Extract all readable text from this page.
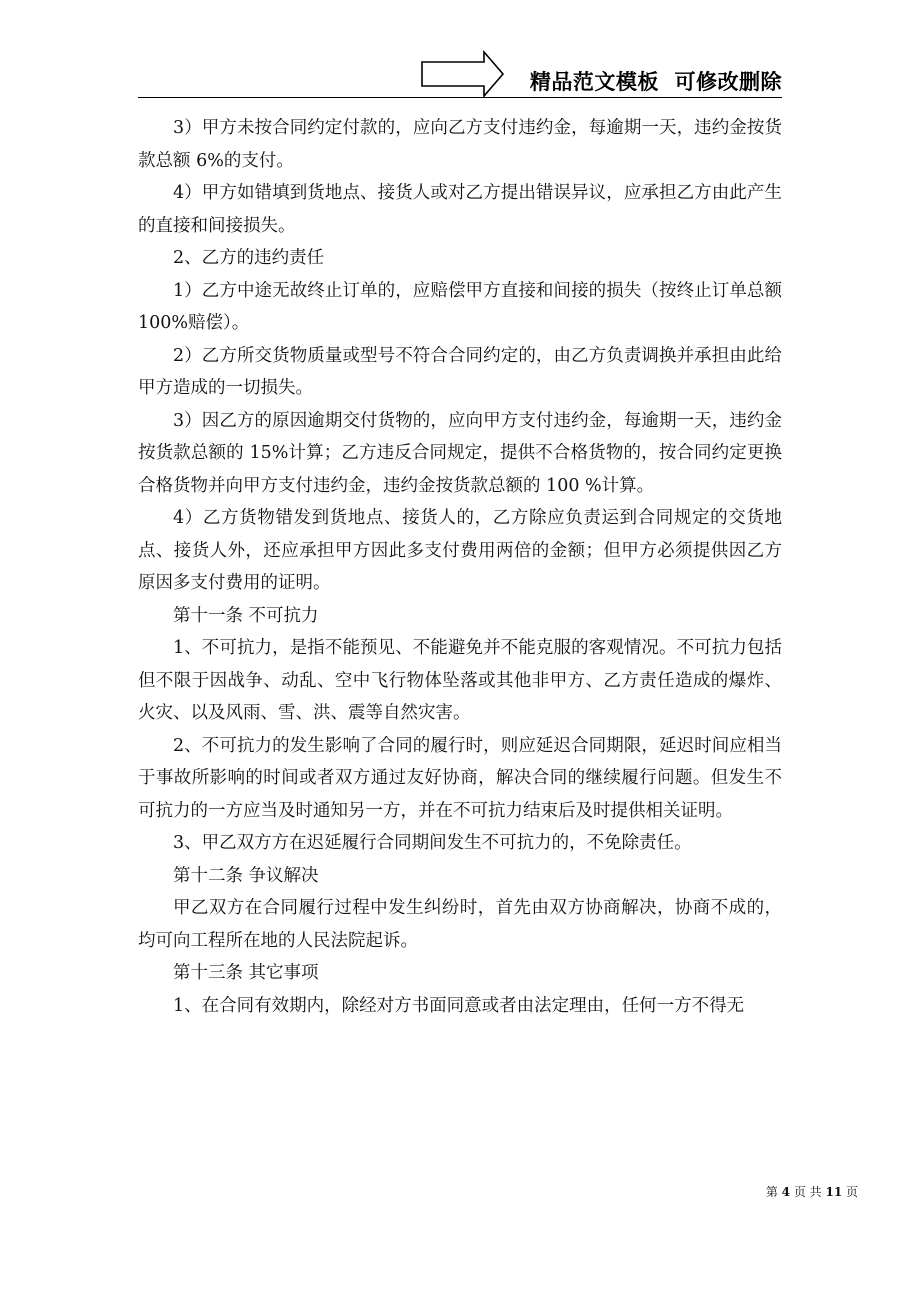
精品范文模板  可修改删除

3）甲方未按合同约定付款的，应向乙方支付违约金，每逾期一天，违约金按货款总额 6%的支付。

4）甲方如错填到货地点、接货人或对乙方提出错误异议，应承担乙方由此产生的直接和间接损失。

2、乙方的违约责任

1）乙方中途无故终止订单的，应赔偿甲方直接和间接的损失（按终止订单总额 100%赔偿）。

2）乙方所交货物质量或型号不符合合同约定的，由乙方负责调换并承担由此给甲方造成的一切损失。

3）因乙方的原因逾期交付货物的，应向甲方支付违约金，每逾期一天，违约金按货款总额的 15%计算；乙方违反合同规定，提供不合格货物的，按合同约定更换合格货物并向甲方支付违约金，违约金按货款总额的 100 %计算。

4）乙方货物错发到货地点、接货人的，乙方除应负责运到合同规定的交货地点、接货人外，还应承担甲方因此多支付费用两倍的金额；但甲方必须提供因乙方原因多支付费用的证明。

第十一条 不可抗力

1、不可抗力，是指不能预见、不能避免并不能克服的客观情况。不可抗力包括但不限于因战争、动乱、空中飞行物体坠落或其他非甲方、乙方责任造成的爆炸、火灾、以及风雨、雪、洪、震等自然灾害。

2、不可抗力的发生影响了合同的履行时，则应延迟合同期限，延迟时间应相当于事故所影响的时间或者双方通过友好协商，解决合同的继续履行问题。但发生不可抗力的一方应当及时通知另一方，并在不可抗力结束后及时提供相关证明。

3、甲乙双方方在迟延履行合同期间发生不可抗力的，不免除责任。

第十二条 争议解决

甲乙双方在合同履行过程中发生纠纷时，首先由双方协商解决，协商不成的，均可向工程所在地的人民法院起诉。

第十三条 其它事项

1、在合同有效期内，除经对方书面同意或者由法定理由，任何一方不得无

第 4 页 共 11 页
